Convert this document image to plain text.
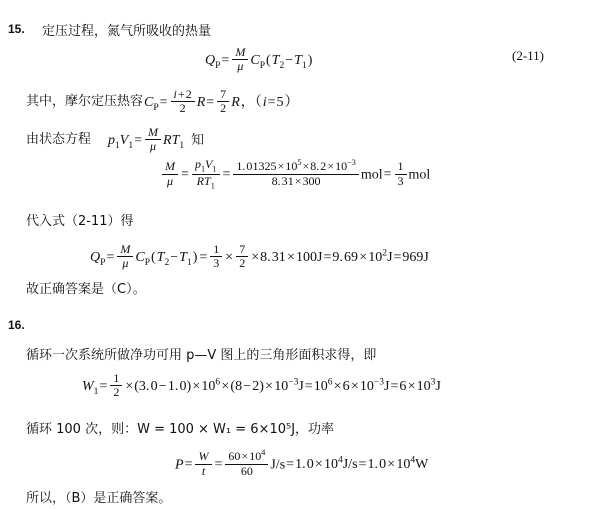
15. 定压过程，氮气所吸收的热量
$Q_P= \frac{M}{\mu} C_P(T_2-T_1)$	(2-11)
其中，摩尔定压热容 $C_P= \frac{i+2}{2} R= \frac{7}{2}$ R，（i=5）
由状态方程 $p_1V_1= \frac{M}{\mu} RT_1$ 知
$\frac{M}{\mu} = \frac{p_1V_1}{RT_1} = \frac{1. 01325 \times 10^5 \times 8. 2 \times 10^{-3}}{8. 31 \times 300} mol= \frac{1}{3}$ mol
代入式（2-11）得
$Q_P= \frac{M}{\mu} C_P(T_2-T_1) = \frac{1}{3} \times \frac{7}{2} \times 8$. 31 × 100J=9. 69 × $10^2J=969J$
故正确答案是（C）。
16.
循环一次系统所做净功可用 p—V 图上的三角形面积求得，即
$W_1= \frac{1}{2} \times(3$. 0 − 1. 0) × $10^6$ × (8 − 2) × $10^{-3}J=10^6$ × 6 × $10^{-3}J=6$ × $10^3J$
循环 100 次，则：W = 100 × W₁ = 6×10⁵J，功率
$P= \frac{W}{t} = \frac{60 \times 10^4}{60} J/s=1$. 0 × $10^4J/s=1$. 0 × $10^4W$
所以，（B）是正确答案。
